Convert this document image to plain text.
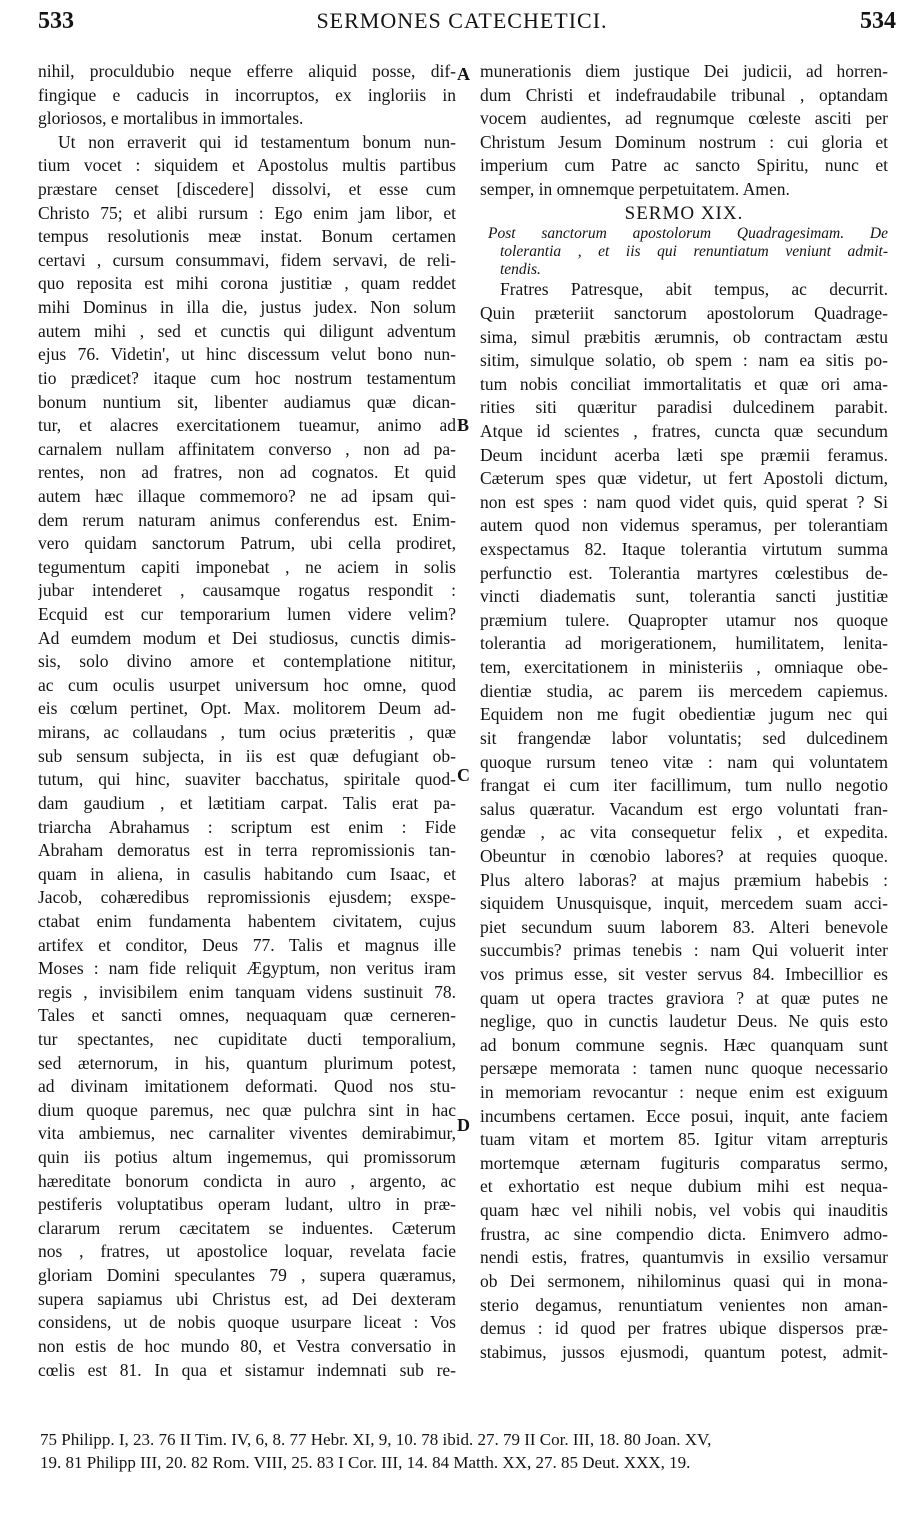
533	SERMONES CATECHETICI.	534
A
B
C
D
nihil, proculdubio neque efferre aliquid posse, dif-
fingique e caducis in incorruptos, ex ingloriis in
gloriosos, e mortalibus in immortales.
Ut non erraverit qui id testamentum bonum nun-
tium vocet : siquidem et Apostolus multis partibus
præstare censet [discedere] dissolvi, et esse cum
Christo 75; et alibi rursum : Ego enim jam libor, et
tempus resolutionis meæ instat. Bonum certamen
certavi , cursum consummavi, fidem servavi, de reli-
quo reposita est mihi corona justitiæ , quam reddet
mihi Dominus in illa die, justus judex. Non solum
autem mihi , sed et cunctis qui diligunt adventum
ejus 76. Videtin', ut hinc discessum velut bono nun-
tio prædicet? itaque cum hoc nostrum testamentum
bonum nuntium sit, libenter audiamus quæ dican-
tur, et alacres exercitationem tueamur, animo ad
carnalem nullam affinitatem converso , non ad pa-
rentes, non ad fratres, non ad cognatos. Et quid
autem hæc illaque commemoro? ne ad ipsam qui-
dem rerum naturam animus conferendus est. Enim-
vero quidam sanctorum Patrum, ubi cella prodiret,
tegumentum capiti imponebat , ne aciem in solis
jubar intenderet , causamque rogatus respondit :
Ecquid est cur temporarium lumen videre velim?
Ad eumdem modum et Dei studiosus, cunctis dimis-
sis, solo divino amore et contemplatione nititur,
ac cum oculis usurpet universum hoc omne, quod
eis cœlum pertinet, Opt. Max. molitorem Deum ad-
mirans, ac collaudans , tum ocius præteritis , quæ
sub sensum subjecta, in iis est quæ defugiant ob-
tutum, qui hinc, suaviter bacchatus, spiritale quod-
dam gaudium , et lætitiam carpat. Talis erat pa-
triarcha Abrahamus : scriptum est enim : Fide
Abraham demoratus est in terra repromissionis tan-
quam in aliena, in casulis habitando cum Isaac, et
Jacob, cohæredibus repromissionis ejusdem; exspe-
ctabat enim fundamenta habentem civitatem, cujus
artifex et conditor, Deus 77. Talis et magnus ille
Moses : nam fide reliquit Ægyptum, non veritus iram
regis , invisibilem enim tanquam videns sustinuit 78.
Tales et sancti omnes, nequaquam quæ cerneren-
tur spectantes, nec cupiditate ducti temporalium,
sed æternorum, in his, quantum plurimum potest,
ad divinam imitationem deformati. Quod nos stu-
dium quoque paremus, nec quæ pulchra sint in hac
vita ambiemus, nec carnaliter viventes demirabimur,
quin iis potius altum ingememus, qui promissorum
hæreditate bonorum condicta in auro , argento, ac
pestiferis voluptatibus operam ludant, ultro in præ-
clararum rerum cæcitatem se induentes. Cæterum
nos , fratres, ut apostolice loquar, revelata facie
gloriam Domini speculantes 79 , supera quæramus,
supera sapiamus ubi Christus est, ad Dei dexteram
considens, ut de nobis quoque usurpare liceat : Vos
non estis de hoc mundo 80, et Vestra conversatio in
cœlis est 81. In qua et sistamur indemnati sub re-
munerationis diem justique Dei judicii, ad horren-
dum Christi et indefraudabile tribunal , optandam
vocem audientes, ad regnumque cœleste asciti per
Christum Jesum Dominum nostrum : cui gloria et
imperium cum Patre ac sancto Spiritu, nunc et
semper, in omnemque perpetuitatem. Amen.
SERMO XIX.
Post sanctorum apostolorum Quadragesimam. De
tolerantia , et iis qui renuntiatum veniunt admit-
tendis.
Fratres Patresque, abit tempus, ac decurrit.
Quin præteriit sanctorum apostolorum Quadrage-
sima, simul præbitis ærumnis, ob contractam æstu
sitim, simulque solatio, ob spem : nam ea sitis po-
tum nobis conciliat immortalitatis et quæ ori ama-
rities siti quæritur paradisi dulcedinem parabit.
Atque id scientes , fratres, cuncta quæ secundum
Deum incidunt acerba læti spe præmii feramus.
Cæterum spes quæ videtur, ut fert Apostoli dictum,
non est spes : nam quod videt quis, quid sperat ? Si
autem quod non videmus speramus, per tolerantiam
exspectamus 82. Itaque tolerantia virtutum summa
perfunctio est. Tolerantia martyres cœlestibus de-
vincti diadematis sunt, tolerantia sancti justitiæ
præmium tulere. Quapropter utamur nos quoque
tolerantia ad morigerationem, humilitatem, lenita-
tem, exercitationem in ministeriis , omniaque obe-
dientiæ studia, ac parem iis mercedem capiemus.
Equidem non me fugit obedientiæ jugum nec qui
sit frangendæ labor voluntatis; sed dulcedinem
quoque rursum teneo vitæ : nam qui voluntatem
frangat ei cum iter facillimum, tum nullo negotio
salus quæratur. Vacandum est ergo voluntati fran-
gendæ , ac vita consequetur felix , et expedita.
Obeuntur in cœnobio labores? at requies quoque.
Plus altero laboras? at majus præmium habebis :
siquidem Unusquisque, inquit, mercedem suam acci-
piet secundum suum laborem 83. Alteri benevole
succumbis? primas tenebis : nam Qui voluerit inter
vos primus esse, sit vester servus 84. Imbecillior es
quam ut opera tractes graviora ? at quæ putes ne
neglige, quo in cunctis laudetur Deus. Ne quis esto
ad bonum commune segnis. Hæc quanquam sunt
persæpe memorata : tamen nunc quoque necessario
in memoriam revocantur : neque enim est exiguum
incumbens certamen. Ecce posui, inquit, ante faciem
tuam vitam et mortem 85. Igitur vitam arrepturis
mortemque æternam fugituris comparatus sermo,
et exhortatio est neque dubium mihi est nequa-
quam hæc vel nihili nobis, vel vobis qui inauditis
frustra, ac sine compendio dicta. Enimvero admo-
nendi estis, fratres, quantumvis in exsilio versamur
ob Dei sermonem, nihilominus quasi qui in mona-
sterio degamus, renuntiatum venientes non aman-
demus : id quod per fratres ubique dispersos præ-
stabimus, jussos ejusmodi, quantum potest, admit-
75 Philipp. I, 23. 76 II Tim. IV, 6, 8. 77 Hebr. XI, 9, 10. 78 ibid. 27. 79 II Cor. III, 18. 80 Joan. XV,
19. 81 Philipp III, 20. 82 Rom. VIII, 25. 83 I Cor. III, 14. 84 Matth. XX, 27. 85 Deut. XXX, 19.
